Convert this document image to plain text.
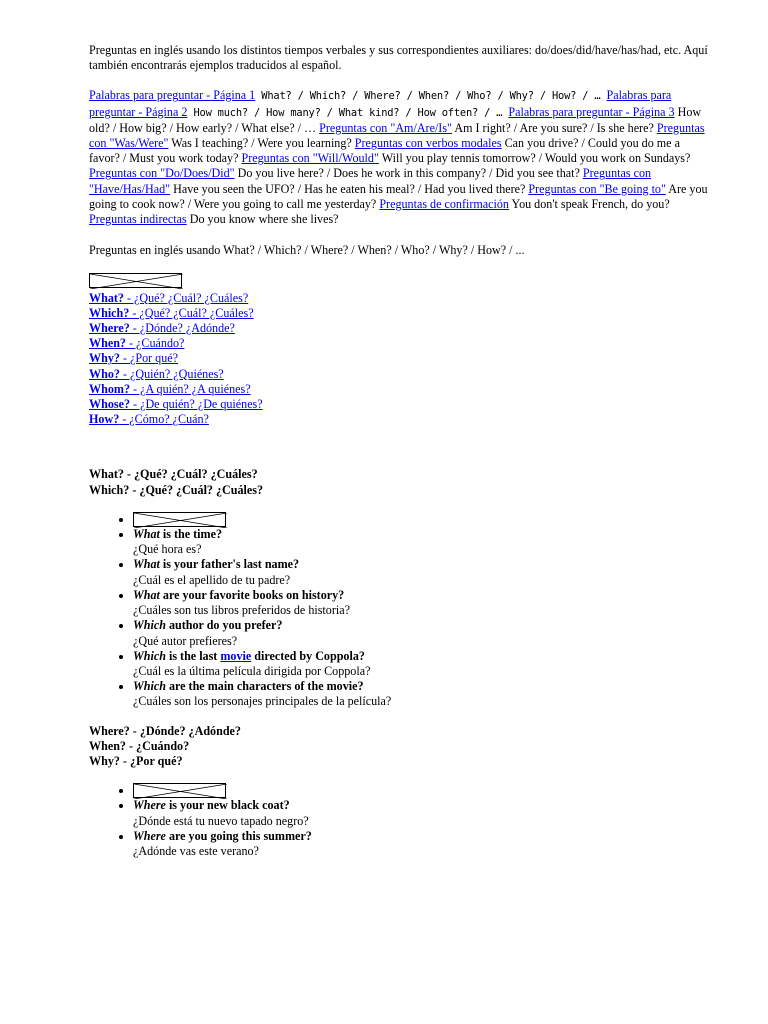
Preguntas en inglés usando los distintos tiempos verbales y sus correspondientes auxiliares: do/does/did/have/has/had, etc. Aquí también encontrarás ejemplos traducidos al español.

Palabras para preguntar - Página 1 What? / Which? / Where? / When? / Who? / Why? / How? / … Palabras para preguntar - Página 2 How much? / How many? / What kind? / How often? / … Palabras para preguntar - Página 3 How old? / How big? / How early? / What else? / … Preguntas con "Am/Are/Is" Am I right? / Are you sure? / Is she here? Preguntas con "Was/Were" Was I teaching? / Were you learning? Preguntas con verbos modales Can you drive? / Could you do me a favor? / Must you work today? Preguntas con "Will/Would" Will you play tennis tomorrow? / Would you work on Sundays? Preguntas con "Do/Does/Did" Do you live here? / Does he work in this company? / Did you see that? Preguntas con "Have/Has/Had" Have you seen the UFO? / Has he eaten his meal? / Had you lived there? Preguntas con "Be going to" Are you going to cook now? / Were you going to call me yesterday? Preguntas de confirmación You don't speak French, do you? Preguntas indirectas Do you know where she lives?

Preguntas en inglés usando What? / Which? / Where? / When? / Who? / Why? / How? / ...

What? - ¿Qué? ¿Cuál? ¿Cuáles?
Which? - ¿Qué? ¿Cuál? ¿Cuáles?
Where? - ¿Dónde? ¿Adónde?
When? - ¿Cuándo?
Why? - ¿Por qué?
Who? - ¿Quién? ¿Quiénes?
Whom? - ¿A quién? ¿A quiénes?
Whose? - ¿De quién? ¿De quiénes?
How? - ¿Cómo? ¿Cuán?
What? - ¿Qué? ¿Cuál? ¿Cuáles?
Which? - ¿Qué? ¿Cuál? ¿Cuáles?
•
• What is the time?
¿Qué hora es?
• What is your father's last name?
¿Cuál es el apellido de tu padre?
• What are your favorite books on history?
¿Cuáles son tus libros preferidos de historia?
• Which author do you prefer?
¿Qué autor prefieres?
• Which is the last movie directed by Coppola?
¿Cuál es la última película dirigida por Coppola?
• Which are the main characters of the movie?
¿Cuáles son los personajes principales de la película?
Where? - ¿Dónde? ¿Adónde?
When? - ¿Cuándo?
Why? - ¿Por qué?
•
• Where is your new black coat?
¿Dónde está tu nuevo tapado negro?
• Where are you going this summer?
¿Adónde vas este verano?
